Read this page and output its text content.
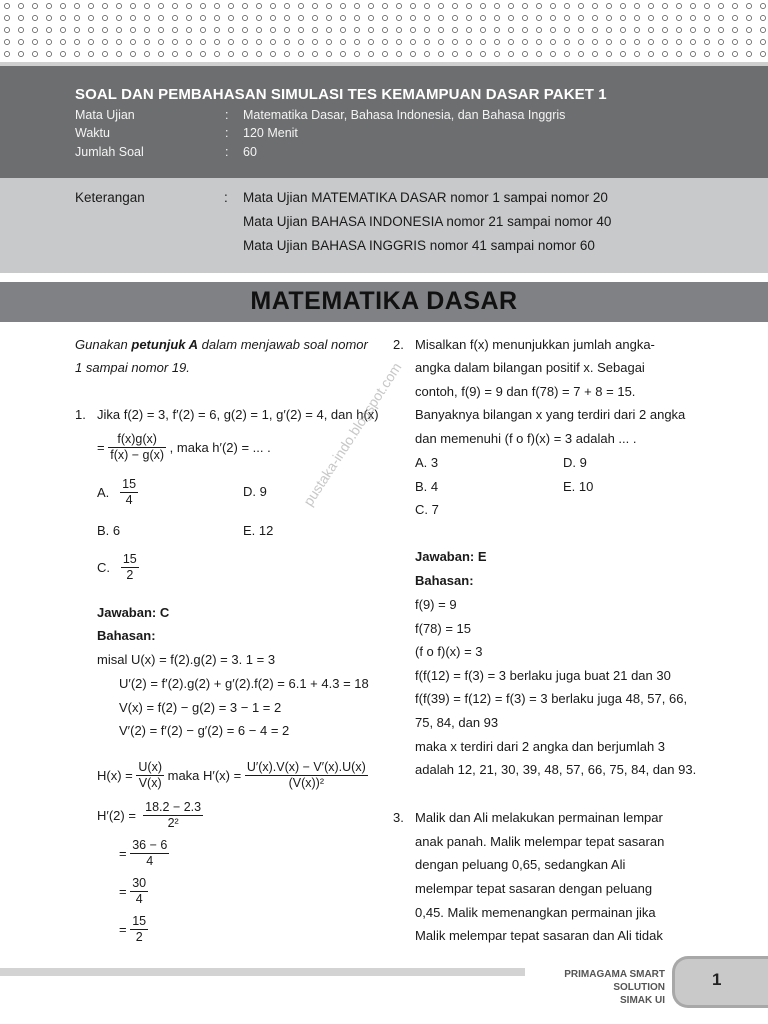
SOAL DAN PEMBAHASAN SIMULASI TES KEMAMPUAN DASAR PAKET 1
Mata Ujian	: Matematika Dasar, Bahasa Indonesia, dan Bahasa Inggris
Waktu	: 120 Menit
Jumlah Soal	: 60
Keterangan	: Mata Ujian MATEMATIKA DASAR nomor 1 sampai nomor 20
Mata Ujian BAHASA INDONESIA nomor 21 sampai nomor 40
Mata Ujian BAHASA INGGRIS nomor 41 sampai nomor 60
MATEMATIKA DASAR
Gunakan petunjuk A dalam menjawab soal nomor
1 sampai nomor 19.
1. Jika f(2) = 3, f′(2) = 6, g(2) = 1, g′(2) = 4, dan h(x)
=
$\frac{f(x)g(x)}{f(x) - g(x)}$
, maka h′(2) = ... .
A.
$\frac{15}{4}$	D. 9
B. 6	E. 12
C.
$\frac{15}{2}$
Jawaban: C
Bahasan:
misal U(x) = f(2).g(2) = 3. 1 = 3
U′(2) = f′(2).g(2) + g′(2).f(2) = 6.1 + 4.3 = 18
V(x) = f(2) − g(2) = 3 − 1 = 2
V′(2) = f′(2) − g′(2) = 6 − 4 = 2
H(x) =
$\frac{U(x)}{V(x)}$
maka H′(x) =
$\frac{U'(x).V(x) - V'(x).U(x)}{\text{(V(x))²}}$
H′(2) =
$\frac{18.2 - 2.3}{\text{2²}}$
=
$\frac{36 - 6}{4}$
=
$\frac{30}{4}$
=
$\frac{15}{2}$
2. Misalkan f(x) menunjukkan jumlah angka-
angka dalam bilangan positif x. Sebagai
contoh, f(9) = 9 dan f(78) = 7 + 8 = 15.
Banyaknya bilangan x yang terdiri dari 2 angka
dan memenuhi (f o f)(x) = 3 adalah ... .
A. 3	D. 9
B. 4	E. 10
C. 7
Jawaban: E
Bahasan:
f(9) = 9
f(78) = 15
(f o f)(x) = 3
f(f(12) = f(3) = 3 berlaku juga buat 21 dan 30
f(f(39) = f(12) = f(3) = 3 berlaku juga 48, 57, 66,
75, 84, dan 93
maka x terdiri dari 2 angka dan berjumlah 3
adalah 12, 21, 30, 39, 48, 57, 66, 75, 84, dan 93.
3. Malik dan Ali melakukan permainan lempar
anak panah. Malik melempar tepat sasaran
dengan peluang 0,65, sedangkan Ali
melempar tepat sasaran dengan peluang
0,45. Malik memenangkan permainan jika
Malik melempar tepat sasaran dan Ali tidak
pustaka-indo.blogspot.com
PRIMAGAMA SMART SOLUTION
SIMAK UI
1
